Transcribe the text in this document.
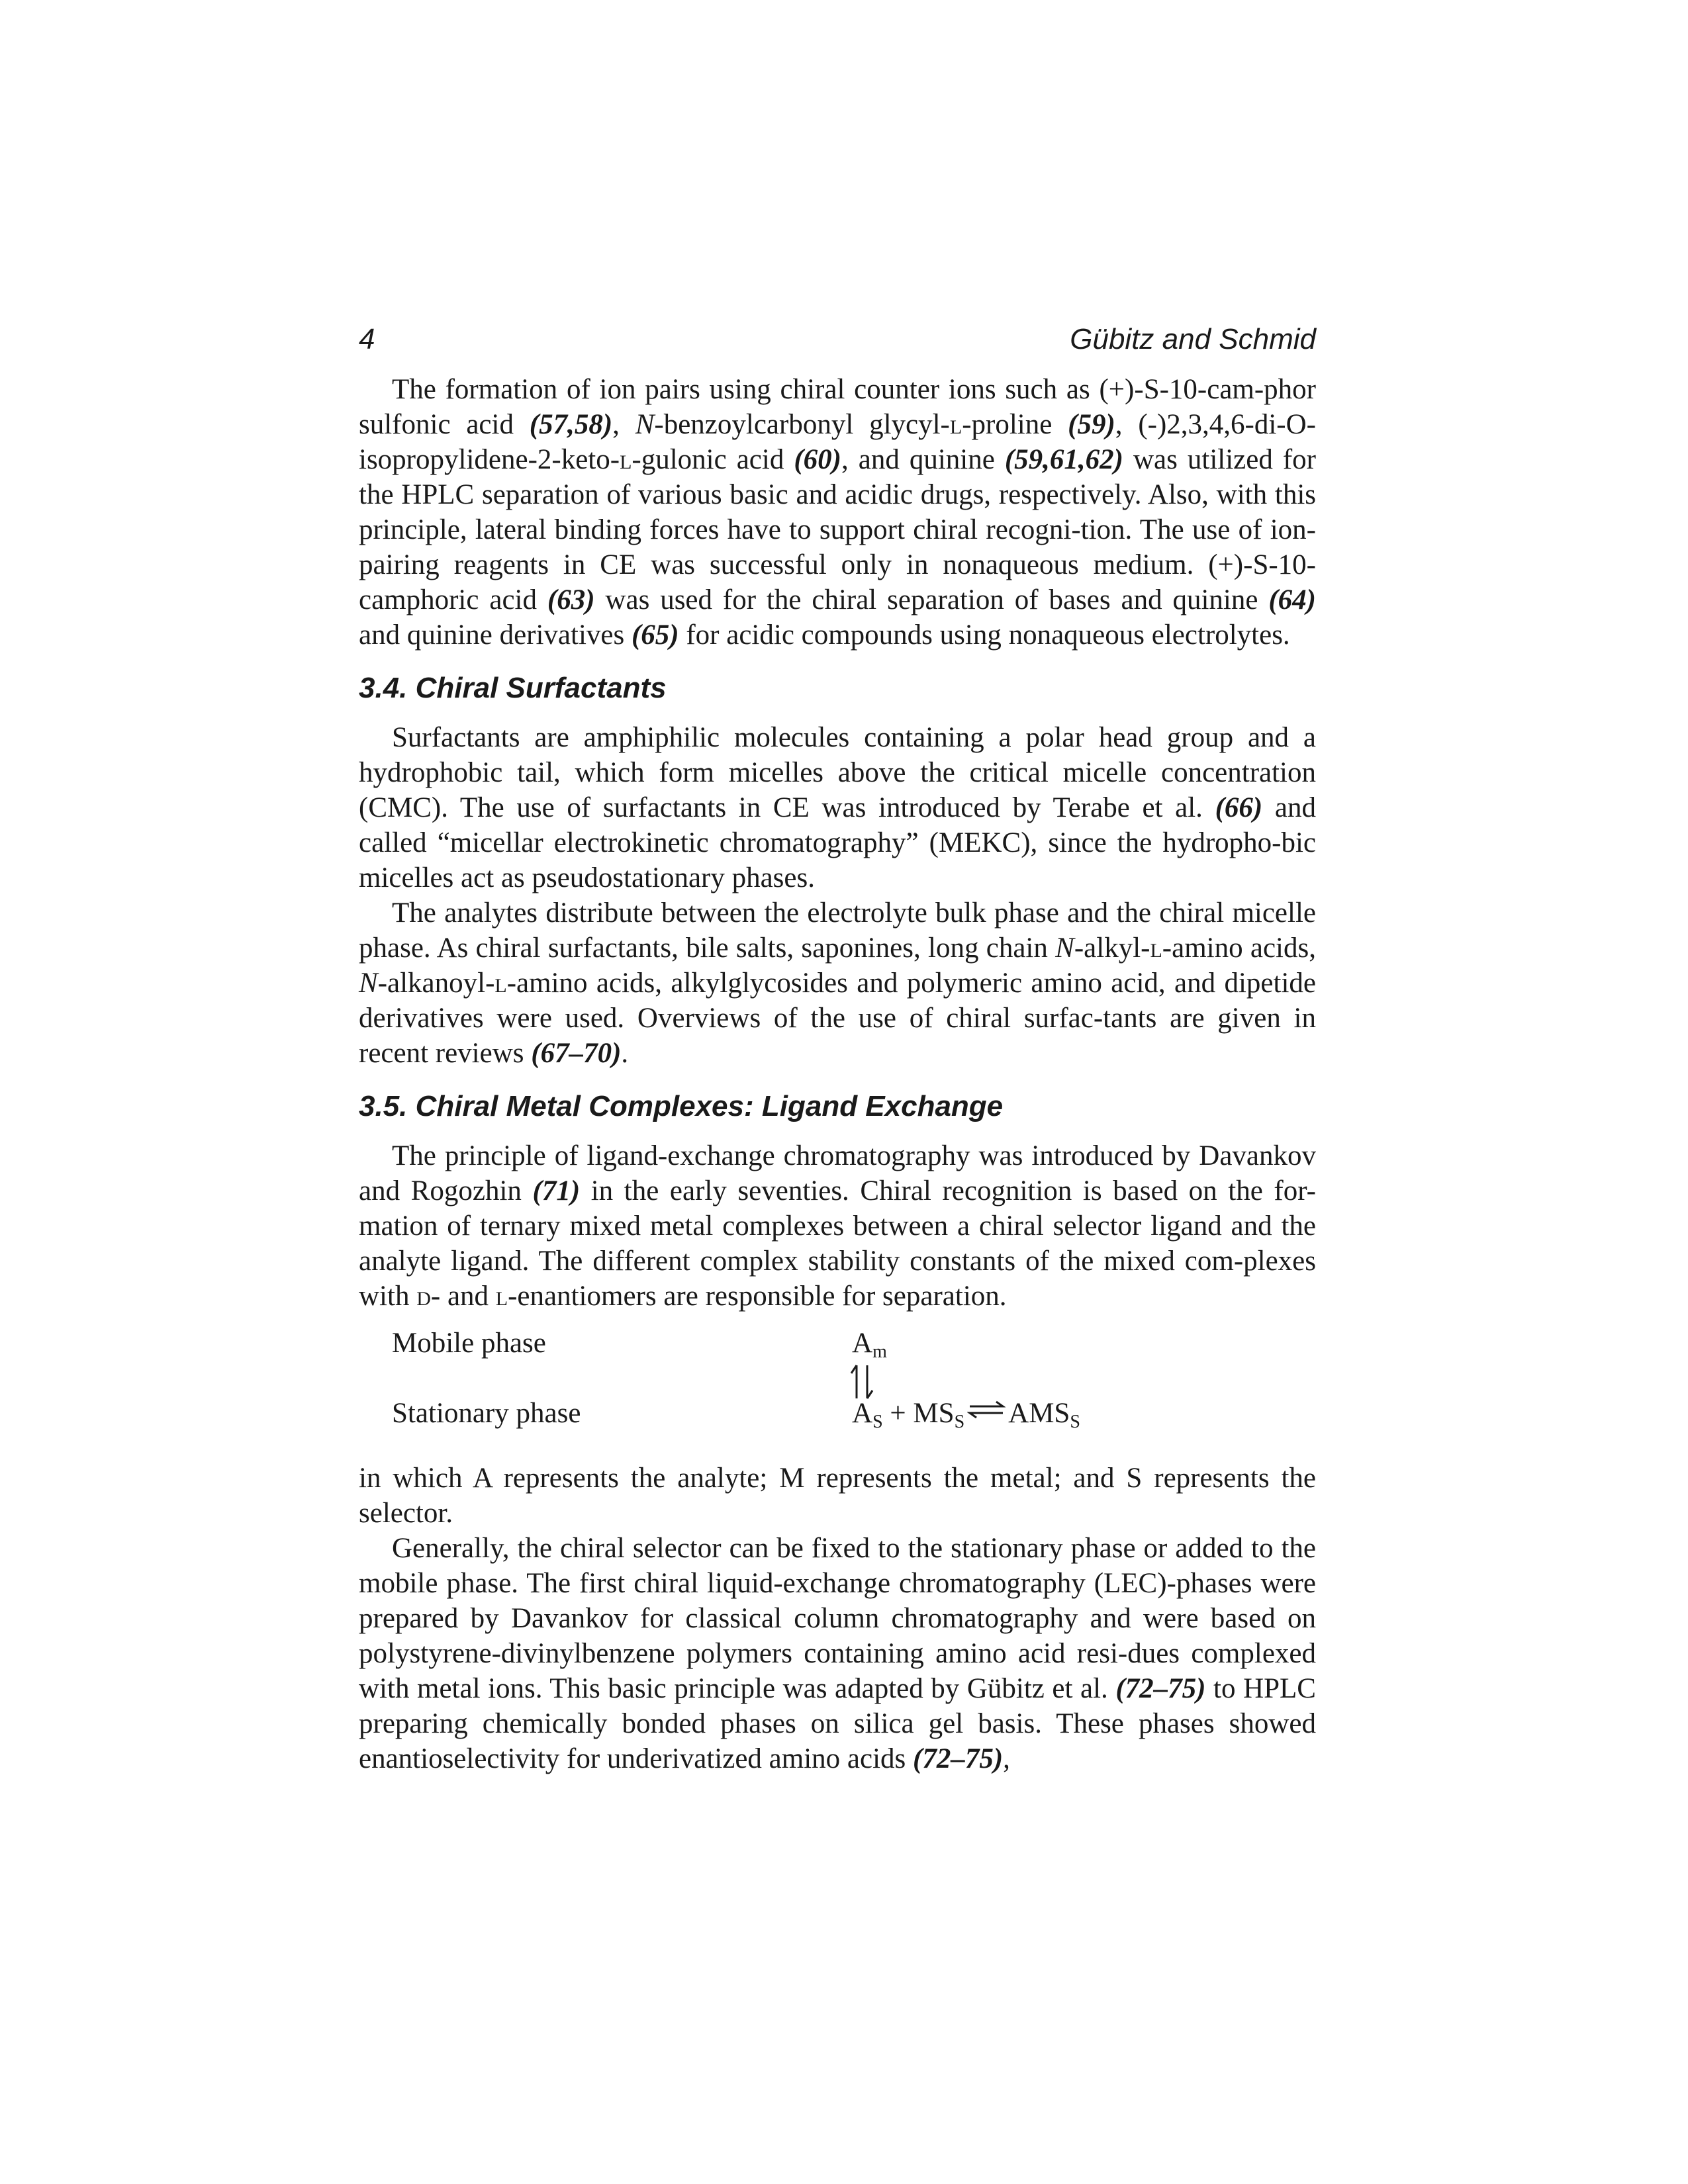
4	Gübitz and Schmid

The formation of ion pairs using chiral counter ions such as (+)-S-10-cam-phor sulfonic acid (57,58), N-benzoylcarbonyl glycyl-l-proline (59), (-)2,3,4,6-di-O-isopropylidene-2-keto-l-gulonic acid (60), and quinine (59,61,62) was utilized for the HPLC separation of various basic and acidic drugs, respectively. Also, with this principle, lateral binding forces have to support chiral recogni-tion. The use of ion-pairing reagents in CE was successful only in nonaqueous medium. (+)-S-10-camphoric acid (63) was used for the chiral separation of bases and quinine (64) and quinine derivatives (65) for acidic compounds using nonaqueous electrolytes.

3.4. Chiral Surfactants

Surfactants are amphiphilic molecules containing a polar head group and a hydrophobic tail, which form micelles above the critical micelle concentration (CMC). The use of surfactants in CE was introduced by Terabe et al. (66) and called “micellar electrokinetic chromatography” (MEKC), since the hydropho-bic micelles act as pseudostationary phases.

The analytes distribute between the electrolyte bulk phase and the chiral micelle phase. As chiral surfactants, bile salts, saponines, long chain N-alkyl-l-amino acids, N-alkanoyl-l-amino acids, alkylglycosides and polymeric amino acid, and dipetide derivatives were used. Overviews of the use of chiral surfac-tants are given in recent reviews (67–70).

3.5. Chiral Metal Complexes: Ligand Exchange

The principle of ligand-exchange chromatography was introduced by Davankov and Rogozhin (71) in the early seventies. Chiral recognition is based on the for-mation of ternary mixed metal complexes between a chiral selector ligand and the analyte ligand. The different complex stability constants of the mixed com-plexes with d- and l-enantiomers are responsible for separation.

Mobile phase	$A_m$
Stationary phase	$A_S + MS_S$ ⇌ $AMS_S$

in which A represents the analyte; M represents the metal; and S represents the selector.

Generally, the chiral selector can be fixed to the stationary phase or added to the mobile phase. The first chiral liquid-exchange chromatography (LEC)-phases were prepared by Davankov for classical column chromatography and were based on polystyrene-divinylbenzene polymers containing amino acid resi-dues complexed with metal ions. This basic principle was adapted by Gübitz et al. (72–75) to HPLC preparing chemically bonded phases on silica gel basis. These phases showed enantioselectivity for underivatized amino acids (72–75),
